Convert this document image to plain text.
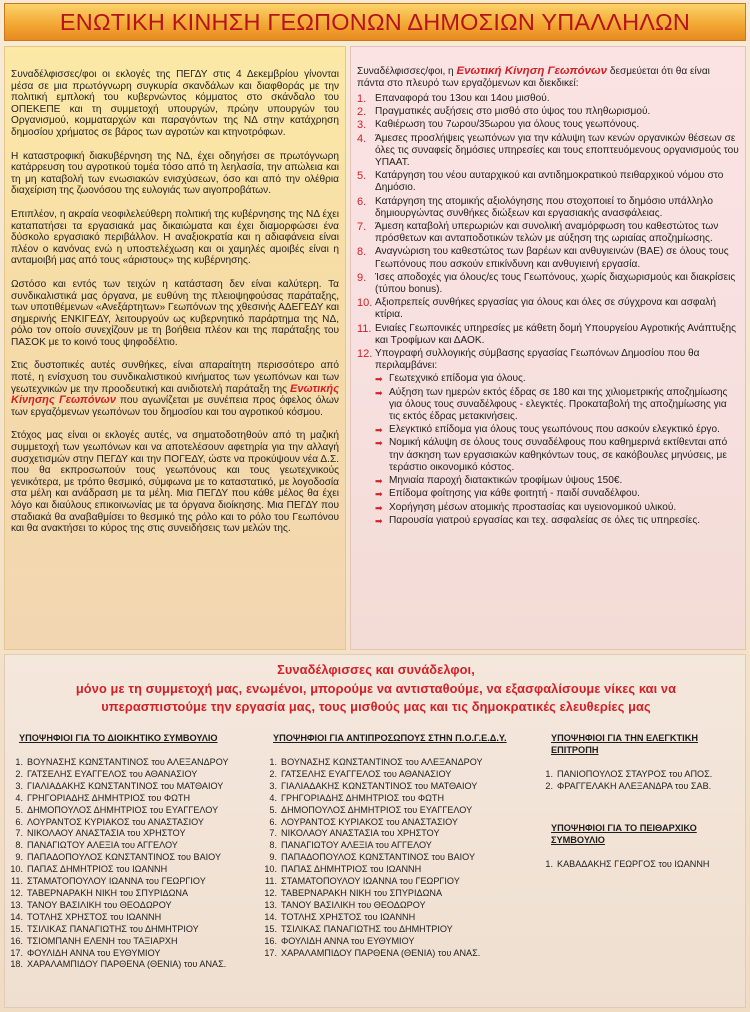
ΕΝΩΤΙΚΗ ΚΙΝΗΣΗ ΓΕΩΠΟΝΩΝ ΔΗΜΟΣΙΩΝ ΥΠΑΛΛΗΛΩΝ

Συναδέλφισσες/φοι οι εκλογές της ΠΕΓΔΥ στις 4 Δεκεμβρίου γίνονται μέσα σε μια πρωτόγνωρη συγκυρία σκανδάλων και διαφθοράς με την πολιτική εμπλοκή του κυβερνώντος κόμματος στο σκάνδαλο του ΟΠΕΚΕΠΕ και τη συμμετοχή υπουργών, πρώην υπουργών του Οργανισμού, κομματαρχών και παραγόντων της ΝΔ στην κατάχρηση δημοσίου χρήματος σε βάρος των αγροτών και κτηνοτρόφων.

Η καταστροφική διακυβέρνηση της ΝΔ, έχει οδηγήσει σε πρωτόγνωρη κατάρρευση του αγροτικού τομέα τόσο από τη λεηλασία, την απώλεια και τη μη καταβολή των ενωσιακών ενισχύσεων, όσο και από την ολέθρια διαχείριση της ζωονόσου της ευλογιάς των αιγοπροβάτων.

Επιπλέον, η ακραία νεοφιλελεύθερη πολιτική της κυβέρνησης της ΝΔ έχει καταπατήσει τα εργασιακά μας δικαιώματα και έχει διαμορφώσει ένα δύσκολο εργασιακό περιβάλλον. Η αναξιοκρατία και η αδιαφάνεια είναι πλέον ο κανόνας ενώ η υποστελέχωση και οι χαμηλές αμοιβές είναι η ανταμοιβή μας από τους «άριστους» της κυβέρνησης.

Ωστόσο και εντός των τειχών η κατάσταση δεν είναι καλύτερη. Τα συνδικαλιστικά μας όργανα, με ευθύνη της πλειοψηφούσας παράταξης, των υποτιθέμενων «Ανεξάρτητων» Γεωπόνων της χθεσινής ΑΔΕΓΕΔΥ και σημερινής ΕΝΚΙΓΕΔΥ, λειτουργούν ως κυβερνητικό παράρτημα της ΝΔ, ρόλο τον οποίο συνεχίζουν με τη βοήθεια πλέον και της παράταξης του ΠΑΣΟΚ με το κοινό τους ψηφοδέλτιο.

Στις δυστοπικές αυτές συνθήκες, είναι απαραίτητη περισσότερο από ποτέ, η ενίσχυση του συνδικαλιστικού κινήματος των γεωπόνων και των γεωτεχνικών με την προοδευτική και ανιδιοτελή παράταξη της Ενωτικής Κίνησης Γεωπόνων που αγωνίζεται με συνέπεια προς όφελος όλων των εργαζόμενων γεωπόνων του δημοσίου και του αγροτικού κόσμου.

Στόχος μας είναι οι εκλογές αυτές, να σηματοδοτηθούν από τη μαζική συμμετοχή των γεωπόνων και να αποτελέσουν αφετηρία για την αλλαγή συσχετισμών στην ΠΕΓΔΥ και την ΠΟΓΕΔΥ, ώστε να προκύψουν νέα Δ.Σ. που θα εκπροσωπούν τους γεωπόνους και τους γεωτεχνικούς γενικότερα, με τρόπο θεσμικό, σύμφωνα με το καταστατικό, με λογοδοσία στα μέλη και ανάδραση με τα μέλη. Μια ΠΕΓΔΥ που κάθε μέλος θα έχει λόγο και διαύλους επικοινωνίας με τα όργανα διοίκησης. Μια ΠΕΓΔΥ που σταδιακά θα αναβαθμίσει το θεσμικό της ρόλο και το ρόλο του Γεωπόνου και θα ανακτήσει το κύρος της στις συνειδήσεις των μελών της.

Συναδέλφισσες/φοι, η Ενωτική Κίνηση Γεωπόνων δεσμεύεται ότι θα είναι πάντα στο πλευρό των εργαζόμενων και διεκδικεί:
1. Επαναφορά του 13ου και 14ου μισθού.
2. Πραγματικές αυξήσεις στο μισθό στο ύψος του πληθωρισμού.
3. Καθιέρωση του 7ωρου/35ωρου για όλους τους γεωπόνους.
4. Άμεσες προσλήψεις γεωπόνων για την κάλυψη των κενών οργανικών θέσεων σε όλες τις συναφείς δημόσιες υπηρεσίες και τους εποπτευόμενους οργανισμούς του ΥΠΑΑΤ.
5. Κατάργηση του νέου αυταρχικού και αντιδημοκρατικού πειθαρχικού νόμου στο Δημόσιο.
6. Κατάργηση της ατομικής αξιολόγησης που στοχοποιεί το δημόσιο υπάλληλο δημιουργώντας συνθήκες διώξεων και εργασιακής ανασφάλειας.
7. Άμεση καταβολή υπερωριών και συνολική αναμόρφωση του καθεστώτος των πρόσθετων και ανταποδοτικών τελών με αύξηση της ωριαίας αποζημίωσης.
8. Αναγνώριση του καθεστώτος των βαρέων και ανθυγιεινών (ΒΑΕ) σε όλους τους Γεωπόνους που ασκούν επικίνδυνη και ανθυγιεινή εργασία.
9. Ίσες αποδοχές για όλους/ες τους Γεωπόνους, χωρίς διαχωρισμούς και διακρίσεις (τύπου bonus).
10. Αξιοπρεπείς συνθήκες εργασίας για όλους και όλες σε σύγχρονα και ασφαλή κτίρια.
11. Ενιαίες Γεωπονικές υπηρεσίες με κάθετη δομή Υπουργείου Αγροτικής Ανάπτυξης και Τροφίμων και ΔΑΟΚ.
12. Υπογραφή συλλογικής σύμβασης εργασίας Γεωπόνων Δημοσίου που θα περιλαμβάνει:
➡ Γεωτεχνικό επίδομα για όλους.
➡ Αύξηση των ημερών εκτός έδρας σε 180 και της χιλιομετρικής αποζημίωσης για όλους τους συναδέλφους - ελεγκτές. Προκαταβολή της αποζημίωσης για τις εκτός έδρας μετακινήσεις.
➡ Ελεγκτικό επίδομα για όλους τους γεωπόνους που ασκούν ελεγκτικό έργο.
➡ Νομική κάλυψη σε όλους τους συναδέλφους που καθημερινά εκτίθενται από την άσκηση των εργασιακών καθηκόντων τους, σε κακόβουλες μηνύσεις, με τεράστιο οικονομικό κόστος.
➡ Μηνιαία παροχή διατακτικών τροφίμων ύψους 150€.
➡ Επίδομα φοίτησης για κάθε φοιτητή - παιδί συναδέλφου.
➡ Χορήγηση μέσων ατομικής προστασίας και υγειονομικού υλικού.
➡ Παρουσία γιατρού εργασίας και τεχ. ασφαλείας σε όλες τις υπηρεσίες.
Συναδέλφισσες και συνάδελφοι,
μόνο με τη συμμετοχή μας, ενωμένοι, μπορούμε να αντισταθούμε, να εξασφαλίσουμε νίκες και να
υπερασπιστούμε την εργασία μας, τους μισθούς μας και τις δημοκρατικές ελευθερίες μας
ΥΠΟΨΗΦΙΟΙ ΓΙΑ ΤΟ ΔΙΟΙΚΗΤΙΚΟ ΣΥΜΒΟΥΛΙΟ
1. ΒΟΥΝΑΣΗΣ ΚΩΝΣΤΑΝΤΙΝΟΣ του ΑΛΕΞΑΝΔΡΟΥ
2. ΓΑΤΣΕΛΗΣ ΕΥΑΓΓΕΛΟΣ του ΑΘΑΝΑΣΙΟΥ
3. ΓΙΑΛΙΑΔΑΚΗΣ ΚΩΝΣΤΑΝΤΙΝΟΣ του ΜΑΤΘΑΙΟΥ
4. ΓΡΗΓΟΡΙΑΔΗΣ ΔΗΜΗΤΡΙΟΣ του ΦΩΤΗ
5. ΔΗΜΟΠΟΥΛΟΣ ΔΗΜΗΤΡΙΟΣ του ΕΥΑΓΓΕΛΟΥ
6. ΛΟΥΡΑΝΤΟΣ ΚΥΡΙΑΚΟΣ του ΑΝΑΣΤΑΣΙΟΥ
7. ΝΙΚΟΛΑΟΥ ΑΝΑΣΤΑΣΙΑ του ΧΡΗΣΤΟΥ
8. ΠΑΝΑΓΙΩΤΟΥ ΑΛΕΞΙΑ του ΑΓΓΕΛΟΥ
9. ΠΑΠΑΔΟΠΟΥΛΟΣ ΚΩΝΣΤΑΝΤΙΝΟΣ του ΒΑΙΟΥ
10. ΠΑΠΑΣ ΔΗΜΗΤΡΙΟΣ του ΙΩΑΝΝΗ
11. ΣΤΑΜΑΤΟΠΟΥΛΟΥ ΙΩΑΝΝΑ του ΓΕΩΡΓΙΟΥ
12. ΤΑΒΕΡΝΑΡΑΚΗ ΝΙΚΗ του ΣΠΥΡΙΔΩΝΑ
13. ΤΑΝΟΥ ΒΑΣΙΛΙΚΗ του ΘΕΟΔΩΡΟΥ
14. ΤΟΤΛΗΣ ΧΡΗΣΤΟΣ του ΙΩΑΝΝΗ
15. ΤΣΙΛΙΚΑΣ ΠΑΝΑΓΙΩΤΗΣ του ΔΗΜΗΤΡΙΟΥ
16. ΤΣΙΟΜΠΑΝΗ ΕΛΕΝΗ του ΤΑΞΙΑΡΧΗ
17. ΦΟΥΛΙΔΗ ΑΝΝΑ του ΕΥΘΥΜΙΟΥ
18. ΧΑΡΑΛΑΜΠΙΔΟΥ ΠΑΡΘΕΝΑ (ΘΕΝΙΑ) του ΑΝΑΣ.
ΥΠΟΨΗΦΙΟΙ ΓΙΑ ΑΝΤΙΠΡΟΣΩΠΟΥΣ ΣΤΗΝ Π.Ο.Γ.Ε.Δ.Υ.
1. ΒΟΥΝΑΣΗΣ ΚΩΝΣΤΑΝΤΙΝΟΣ του ΑΛΕΞΑΝΔΡΟΥ
2. ΓΑΤΣΕΛΗΣ ΕΥΑΓΓΕΛΟΣ του ΑΘΑΝΑΣΙΟΥ
3. ΓΙΑΛΙΑΔΑΚΗΣ ΚΩΝΣΤΑΝΤΙΝΟΣ του ΜΑΤΘΑΙΟΥ
4. ΓΡΗΓΟΡΙΑΔΗΣ ΔΗΜΗΤΡΙΟΣ του ΦΩΤΗ
5. ΔΗΜΟΠΟΥΛΟΣ ΔΗΜΗΤΡΙΟΣ του ΕΥΑΓΓΕΛΟΥ
6. ΛΟΥΡΑΝΤΟΣ ΚΥΡΙΑΚΟΣ του ΑΝΑΣΤΑΣΙΟΥ
7. ΝΙΚΟΛΑΟΥ ΑΝΑΣΤΑΣΙΑ του ΧΡΗΣΤΟΥ
8. ΠΑΝΑΓΙΩΤΟΥ ΑΛΕΞΙΑ του ΑΓΓΕΛΟΥ
9. ΠΑΠΑΔΟΠΟΥΛΟΣ ΚΩΝΣΤΑΝΤΙΝΟΣ του ΒΑΙΟΥ
10. ΠΑΠΑΣ ΔΗΜΗΤΡΙΟΣ του ΙΩΑΝΝΗ
11. ΣΤΑΜΑΤΟΠΟΥΛΟΥ ΙΩΑΝΝΑ του ΓΕΩΡΓΙΟΥ
12. ΤΑΒΕΡΝΑΡΑΚΗ ΝΙΚΗ του ΣΠΥΡΙΔΩΝΑ
13. ΤΑΝΟΥ ΒΑΣΙΛΙΚΗ του ΘΕΟΔΩΡΟΥ
14. ΤΟΤΛΗΣ ΧΡΗΣΤΟΣ του ΙΩΑΝΝΗ
15. ΤΣΙΛΙΚΑΣ ΠΑΝΑΓΙΩΤΗΣ του ΔΗΜΗΤΡΙΟΥ
16. ΦΟΥΛΙΔΗ ΑΝΝΑ του ΕΥΘΥΜΙΟΥ
17. ΧΑΡΑΛΑΜΠΙΔΟΥ ΠΑΡΘΕΝΑ (ΘΕΝΙΑ) του ΑΝΑΣ.
ΥΠΟΨΗΦΙΟΙ ΓΙΑ ΤΗΝ ΕΛΕΓΚΤΙΚΗ ΕΠΙΤΡΟΠΗ
1. ΠΑΝΙΟΠΟΥΛΟΣ ΣΤΑΥΡΟΣ του ΑΠΟΣ.
2. ΦΡΑΓΓΕΛΑΚΗ ΑΛΕΞΑΝΔΡΑ του ΣΑΒ.
ΥΠΟΨΗΦΙΟΙ ΓΙΑ ΤΟ ΠΕΙΘΑΡΧΙΚΟ ΣΥΜΒΟΥΛΙΟ
1. ΚΑΒΑΔΑΚΗΣ ΓΕΩΡΓΟΣ του ΙΩΑΝΝΗ
